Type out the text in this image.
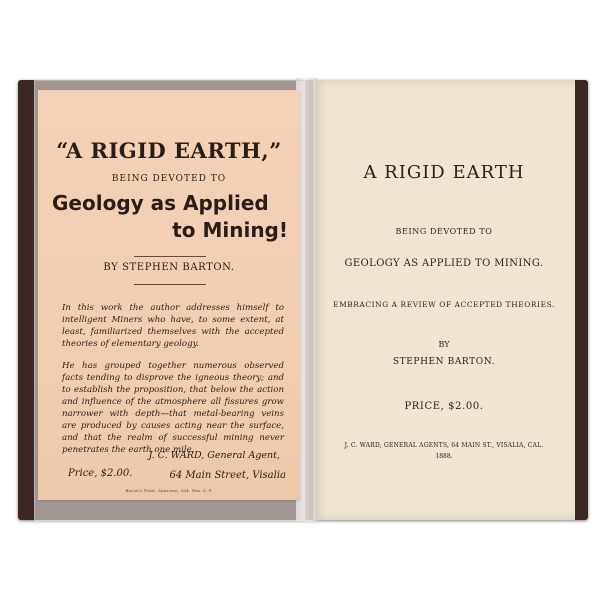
A RIGID EARTH
BEING DEVOTED TO
GEOLOGY AS APPLIED TO MINING.
EMBRACING A REVIEW OF ACCEPTED THEORIES.
BY
STEPHEN BARTON.
PRICE, $2.00.
J. C. WARD, GENERAL AGENTS, 64 MAIN ST., VISALIA, CAL.
1888.
“A RIGID EARTH,”
BEING DEVOTED TO
Geology as Applied
to Mining!
BY STEPHEN BARTON.
In this work the author addresses himself to intelligent Miners who have, to some extent, at least, familiarized themselves with the accepted theories of elementary geology.
He has grouped together numerous observed facts tending to disprove the igneous theory; and to establish the proposition, that below the action and influence of the atmosphere all fissures grow narrower with depth—that metal-bearing veins are produced by causes acting near the surface, and that the realm of successful mining never penetrates the earth one mile.
J. C. WARD, General Agent,
Price, $2.00.	64 Main Street, Visalia
Bacon's Print, Sansome, 364, Wm. S. F.
